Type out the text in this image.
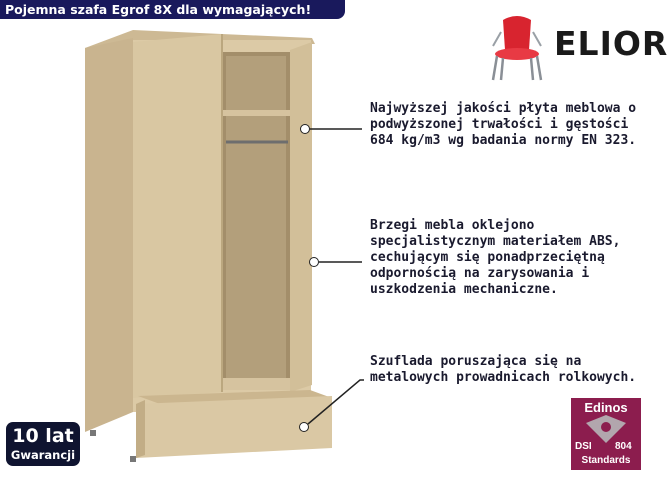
Pojemna szafa Egrof 8X dla wymagających!
ELIOR
Najwyższej jakości płyta meblowa o podwyższonej trwałości i gęstości 684 kg/m3 wg badania normy EN 323.
Brzegi mebla oklejono specjalistycznym materiałem ABS, cechującym się ponadprzeciętną odpornością na zarysowania i uszkodzenia mechaniczne.
Szuflada poruszająca się na metalowych prowadnicach rolkowych.
10 lat
Gwarancji
Edinos
DSI 804
Standards
